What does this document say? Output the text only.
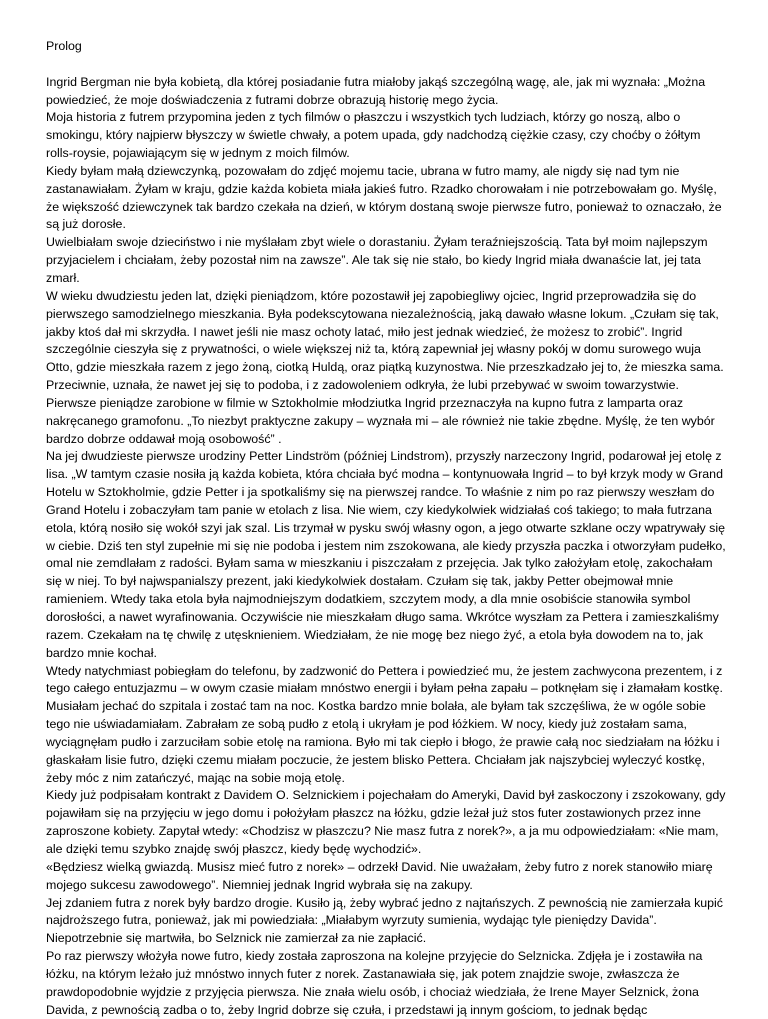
Prolog

Ingrid Bergman nie była kobietą, dla której posiadanie futra miałoby jakąś szczególną wagę, ale, jak mi wyznała: „Można powiedzieć, że moje doświadczenia z futrami dobrze obrazują historię mego życia.

Moja historia z futrem przypomina jeden z tych filmów o płaszczu i wszystkich tych ludziach, którzy go noszą, albo o smokingu, który najpierw błyszczy w świetle chwały, a potem upada, gdy nadchodzą ciężkie czasy, czy choćby o żółtym rolls-roysie, pojawiającym się w jednym z moich filmów.

Kiedy byłam małą dziewczynką, pozowałam do zdjęć mojemu tacie, ubrana w futro mamy, ale nigdy się nad tym nie zastanawiałam. Żyłam w kraju, gdzie każda kobieta miała jakieś futro. Rzadko chorowałam i nie potrzebowałam go. Myślę, że większość dziewczynek tak bardzo czekała na dzień, w którym dostaną swoje pierwsze futro, ponieważ to oznaczało, że są już dorosłe.

Uwielbiałam swoje dzieciństwo i nie myślałam zbyt wiele o dorastaniu. Żyłam teraźniejszością. Tata był moim najlepszym przyjacielem i chciałam, żeby pozostał nim na zawsze”. Ale tak się nie stało, bo kiedy Ingrid miała dwanaście lat, jej tata zmarł.

W wieku dwudziestu jeden lat, dzięki pieniądzom, które pozostawił jej zapobiegliwy ojciec, Ingrid przeprowadziła się do pierwszego samodzielnego mieszkania. Była podekscytowana niezależnością, jaką dawało własne lokum. „Czułam się tak, jakby ktoś dał mi skrzydła. I nawet jeśli nie masz ochoty latać, miło jest jednak wiedzieć, że możesz to zrobić”. Ingrid szczególnie cieszyła się z prywatności, o wiele większej niż ta, którą zapewniał jej własny pokój w domu surowego wuja Otto, gdzie mieszkała razem z jego żoną, ciotką Huldą, oraz piątką kuzynostwa. Nie przeszkadzało jej to, że mieszka sama. Przeciwnie, uznała, że nawet jej się to podoba, i z zadowoleniem odkryła, że lubi przebywać w swoim towarzystwie.

Pierwsze pieniądze zarobione w filmie w Sztokholmie młodziutka Ingrid przeznaczyła na kupno futra z lamparta oraz nakręcanego gramofonu. „To niezbyt praktyczne zakupy – wyznała mi – ale również nie takie zbędne. Myślę, że ten wybór bardzo dobrze oddawał moją osobowość” .

Na jej dwudzieste pierwsze urodziny Petter Lindström (później Lindstrom), przyszły narzeczony Ingrid, podarował jej etolę z lisa. „W tamtym czasie nosiła ją każda kobieta, która chciała być modna – kontynuowała Ingrid – to był krzyk mody w Grand Hotelu w Sztokholmie, gdzie Petter i ja spotkaliśmy się na pierwszej randce. To właśnie z nim po raz pierwszy weszłam do Grand Hotelu i zobaczyłam tam panie w etolach z lisa. Nie wiem, czy kiedykolwiek widziałaś coś takiego; to mała futrzana etola, którą nosiło się wokół szyi jak szal. Lis trzymał w pysku swój własny ogon, a jego otwarte szklane oczy wpatrywały się w ciebie. Dziś ten styl zupełnie mi się nie podoba i jestem nim zszokowana, ale kiedy przyszła paczka i otworzyłam pudełko, omal nie zemdlałam z radości. Byłam sama w mieszkaniu i piszczałam z przejęcia. Jak tylko założyłam etolę, zakochałam się w niej. To był najwspanialszy prezent, jaki kiedykolwiek dostałam. Czułam się tak, jakby Petter obejmował mnie ramieniem. Wtedy taka etola była najmodniejszym dodatkiem, szczytem mody, a dla mnie osobiście stanowiła symbol dorosłości, a nawet wyrafinowania. Oczywiście nie mieszkałam długo sama. Wkrótce wyszłam za Pettera i zamieszkaliśmy razem. Czekałam na tę chwilę z utęsknieniem. Wiedziałam, że nie mogę bez niego żyć, a etola była dowodem na to, jak bardzo mnie kochał.

Wtedy natychmiast pobiegłam do telefonu, by zadzwonić do Pettera i powiedzieć mu, że jestem zachwycona prezentem, i z tego całego entuzjazmu – w owym czasie miałam mnóstwo energii i byłam pełna zapału – potknęłam się i złamałam kostkę.

Musiałam jechać do szpitala i zostać tam na noc. Kostka bardzo mnie bolała, ale byłam tak szczęśliwa, że w ogóle sobie tego nie uświadamiałam. Zabrałam ze sobą pudło z etolą i ukryłam je pod łóżkiem. W nocy, kiedy już zostałam sama, wyciągnęłam pudło i zarzuciłam sobie etolę na ramiona. Było mi tak ciepło i błogo, że prawie całą noc siedziałam na łóżku i głaskałam lisie futro, dzięki czemu miałam poczucie, że jestem blisko Pettera. Chciałam jak najszybciej wyleczyć kostkę, żeby móc z nim zatańczyć, mając na sobie moją etolę.

Kiedy już podpisałam kontrakt z Davidem O. Selznickiem i pojechałam do Ameryki, David był zaskoczony i zszokowany, gdy pojawiłam się na przyjęciu w jego domu i położyłam płaszcz na łóżku, gdzie leżał już stos futer zostawionych przez inne zaproszone kobiety. Zapytał wtedy: «Chodzisz w płaszczu? Nie masz futra z norek?», a ja mu odpowiedziałam: «Nie mam, ale dzięki temu szybko znajdę swój płaszcz, kiedy będę wychodzić».

«Będziesz wielką gwiazdą. Musisz mieć futro z norek» – odrzekł David. Nie uważałam, żeby futro z norek stanowiło miarę mojego sukcesu zawodowego”. Niemniej jednak Ingrid wybrała się na zakupy.

Jej zdaniem futra z norek były bardzo drogie. Kusiło ją, żeby wybrać jedno z najtańszych. Z pewnością nie zamierzała kupić najdroższego futra, ponieważ, jak mi powiedziała: „Miałabym wyrzuty sumienia, wydając tyle pieniędzy Davida”. Niepotrzebnie się martwiła, bo Selznick nie zamierzał za nie zapłacić.

Po raz pierwszy włożyła nowe futro, kiedy została zaproszona na kolejne przyjęcie do Selznicka. Zdjęła je i zostawiła na łóżku, na którym leżało już mnóstwo innych futer z norek. Zastanawiała się, jak potem znajdzie swoje, zwłaszcza że prawdopodobnie wyjdzie z przyjęcia pierwsza. Nie znała wielu osób, i chociaż wiedziała, że Irene Mayer Selznick, żona Davida, z pewnością zadba o to, żeby Ingrid dobrze się czuła, i przedstawi ją innym gościom, to jednak będąc
